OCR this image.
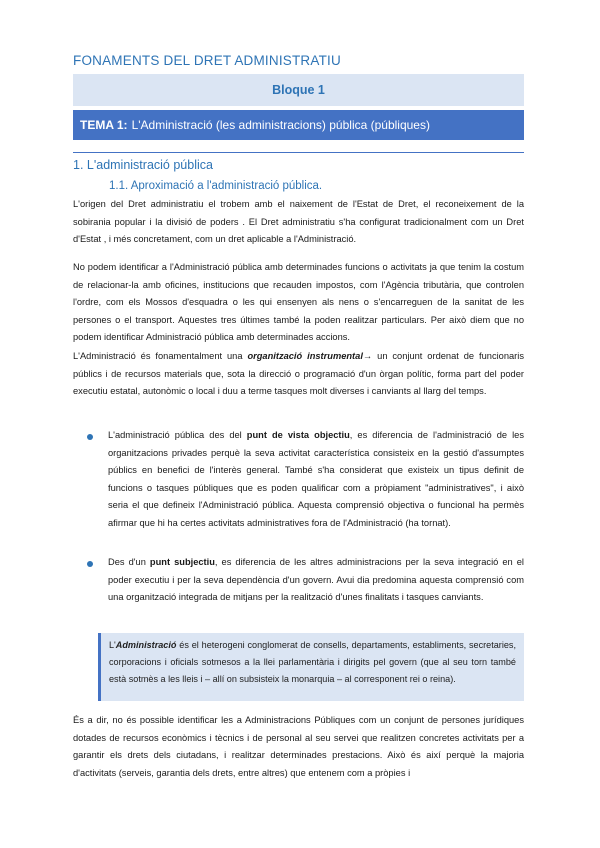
FONAMENTS DEL DRET ADMINISTRATIU
Bloque 1
TEMA 1: L'Administració (les administracions) pública (públiques)
1. L'administració pública
1.1. Aproximació a l'administració pública.

L'origen del Dret administratiu el trobem amb el naixement de l'Estat de Dret, el reconeixement de la sobirania popular i la divisió de poders . El Dret administratiu s'ha configurat tradicionalment com un Dret d'Estat , i més concretament, com un dret aplicable a l'Administració.

No podem identificar a l'Administració pública amb determinades funcions o activitats ja que tenim la costum de relacionar-la amb oficines, institucions que recauden impostos, com l'Agència tributària, que controlen l'ordre, com els Mossos d'esquadra o les qui ensenyen als nens o s'encarreguen de la sanitat de les persones o el transport. Aquestes tres últimes també la poden realitzar particulars. Per això diem que no podem identificar Administració pública amb determinades accions.

L'Administració és fonamentalment una organització instrumental→ un conjunt ordenat de funcionaris públics i de recursos materials que, sota la direcció o programació d'un òrgan polític, forma part del poder executiu estatal, autonòmic o local i duu a terme tasques molt diverses i canviants al llarg del temps.

L'administració pública des del punt de vista objectiu, es diferencia de l'administració de les organitzacions privades perquè la seva activitat característica consisteix en la gestió d'assumptes públics en benefici de l'interès general. També s'ha considerat que existeix un tipus definit de funcions o tasques públiques que es poden qualificar com a pròpiament "administratives", i això seria el que defineix l'Administració pública. Aquesta comprensió objectiva o funcional ha permès afirmar que hi ha certes activitats administratives fora de l'Administració (ha tornat).

Des d'un punt subjectiu, es diferencia de les altres administracions per la seva integració en el poder executiu i per la seva dependència d'un govern. Avui dia predomina aquesta comprensió com una organització integrada de mitjans per la realització d'unes finalitats i tasques canviants.

L'Administració és el heterogeni conglomerat de consells, departaments, establiments, secretaries, corporacions i oficials sotmesos a la llei parlamentària i dirigits pel govern (que al seu torn també està sotmès a les lleis i – allí on subsisteix la monarquia – al corresponent rei o reina).

És a dir, no és possible identificar les a Administracions Públiques com un conjunt de persones jurídiques dotades de recursos econòmics i tècnics i de personal al seu servei que realitzen concretes activitats per a garantir els drets dels ciutadans, i realitzar determinades prestacions. Això és així perquè la majoria d'activitats (serveis, garantia dels drets, entre altres) que entenem com a pròpies i
